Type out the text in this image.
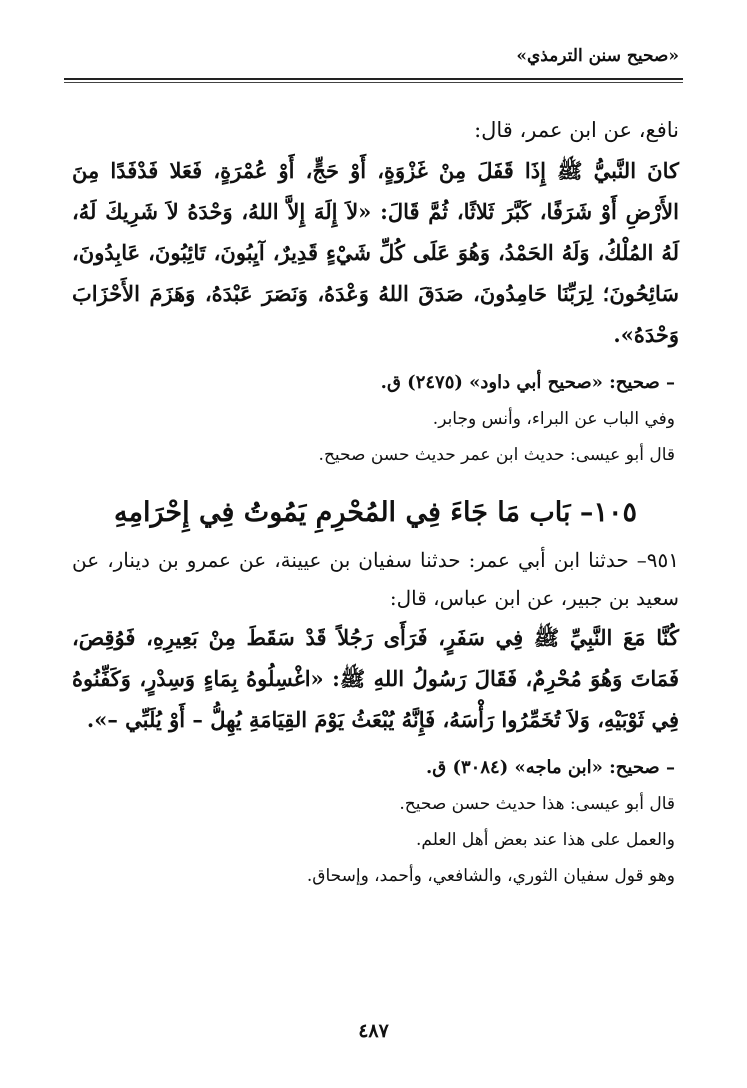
«صحيح سنن الترمذي»

نافع، عن ابن عمر، قال:

كانَ النَّبيُّ ﷺ إِذَا قَفَلَ مِنْ غَزْوَةٍ، أَوْ حَجٍّ، أَوْ عُمْرَةٍ، فَعَلا فَدْفَدًا مِنَ الأَرْضِ أَوْ شَرَفًا، كَبَّرَ ثَلاثًا، ثُمَّ قَالَ: «لاَ إِلَهَ إِلاَّ اللهُ، وَحْدَهُ لاَ شَرِيكَ لَهُ، لَهُ المُلْكُ، وَلَهُ الحَمْدُ، وَهُوَ عَلَى كُلِّ شَيْءٍ قَدِيرٌ، آيِبُونَ، تَائِبُونَ، عَابِدُونَ، سَائِحُونَ؛ لِرَبِّنَا حَامِدُونَ، صَدَقَ اللهُ وَعْدَهُ، وَنَصَرَ عَبْدَهُ، وَهَزَمَ الأَحْزَابَ وَحْدَهُ».

– صحيح: «صحيح أبي داود» (٢٤٧٥) ق.

وفي الباب عن البراء، وأنس وجابر.

قال أبو عيسى: حديث ابن عمر حديث حسن صحيح.

١٠٥– بَاب مَا جَاءَ فِي المُحْرِمِ يَمُوتُ فِي إِحْرَامِهِ

٩٥١– حدثنا ابن أبي عمر: حدثنا سفيان بن عيينة، عن عمرو بن دينار، عن سعيد بن جبير، عن ابن عباس، قال:

كُنَّا مَعَ النَّبِيِّ ﷺ فِي سَفَرٍ، فَرَأَى رَجُلاً قَدْ سَقَطَ مِنْ بَعِيرِهِ، فَوُقِصَ، فَمَاتَ وَهُوَ مُحْرِمٌ، فَقَالَ رَسُولُ اللهِ ﷺ: «اغْسِلُوهُ بِمَاءٍ وَسِدْرٍ، وَكَفِّنُوهُ فِي ثَوْبَيْهِ، وَلاَ تُخَمِّرُوا رَأْسَهُ، فَإِنَّهُ يُبْعَثُ يَوْمَ القِيَامَةِ يُهِلُّ – أَوْ يُلَبِّي –».

– صحيح: «ابن ماجه» (٣٠٨٤) ق.

قال أبو عيسى: هذا حديث حسن صحيح.

والعمل على هذا عند بعض أهل العلم.

وهو قول سفيان الثوري، والشافعي، وأحمد، وإسحاق.

٤٨٧
